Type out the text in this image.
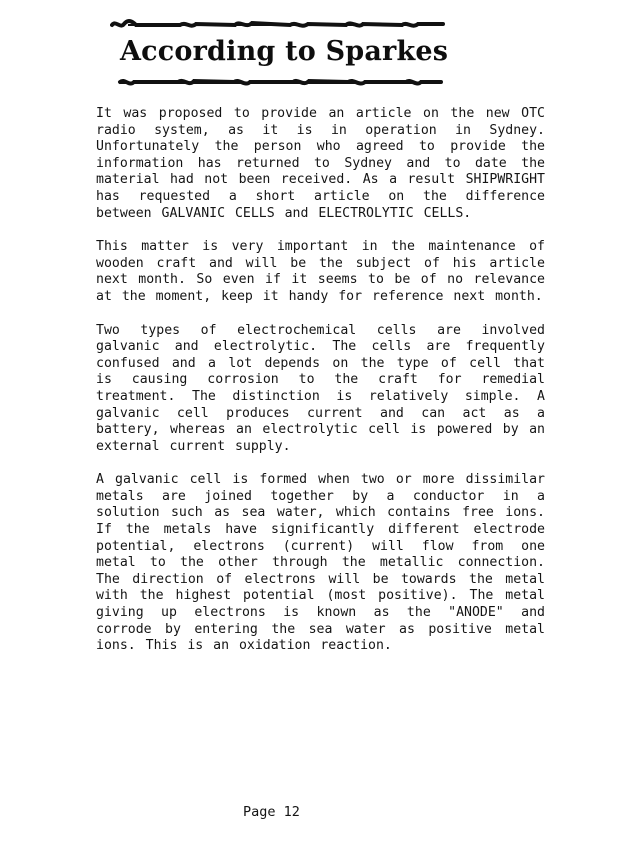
According to Sparkes

It was proposed to provide an article on the new OTC radio system, as it is in operation in Sydney. Unfortunately the person who agreed to provide the information has returned to Sydney and to date the material had not been received. As a result SHIPWRIGHT has requested a short article on the difference between GALVANIC CELLS and ELECTROLYTIC CELLS.

This matter is very important in the maintenance of wooden craft and will be the subject of his article next month. So even if it seems to be of no relevance at the moment, keep it handy for reference next month.

Two types of electrochemical cells are involved galvanic and electrolytic. The cells are frequently confused and a lot depends on the type of cell that is causing corrosion to the craft for remedial treatment. The distinction is relatively simple. A galvanic cell produces current and can act as a battery, whereas an electrolytic cell is powered by an external current supply.

A galvanic cell is formed when two or more dissimilar metals are joined together by a conductor in a solution such as sea water, which contains free ions. If the metals have significantly different electrode potential, electrons (current) will flow from one metal to the other through the metallic connection. The direction of electrons will be towards the metal with the highest potential (most positive). The metal giving up electrons is known as the "ANODE" and corrode by entering the sea water as positive metal ions. This is an oxidation reaction.

Page 12
